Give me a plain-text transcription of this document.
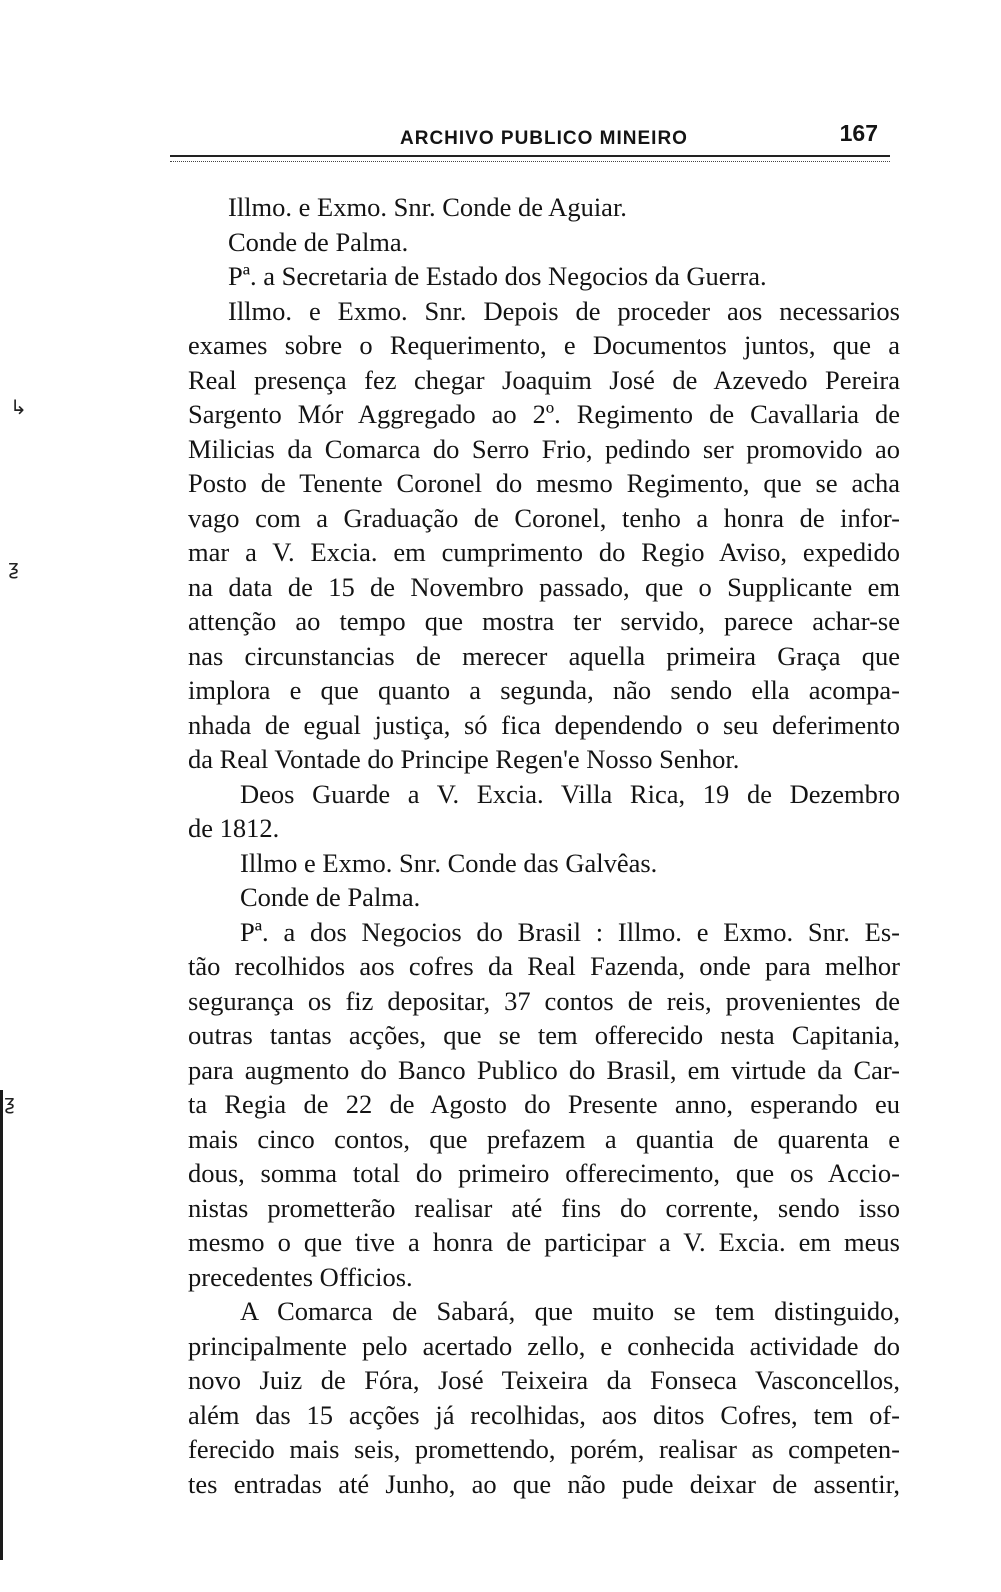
↳
ƺ
ƺ
ARCHIVO PUBLICO MINEIRO	167
Illmo. e Exmo. Snr. Conde de Aguiar.
Conde de Palma.
Pª. a Secretaria de Estado dos Negocios da Guerra.
Illmo. e Exmo. Snr. Depois de proceder aos necessarios
exames sobre o Requerimento, e Documentos juntos, que a
Real presença fez chegar Joaquim José de Azevedo Pereira
Sargento Mór Aggregado ao 2º. Regimento de Cavallaria de
Milicias da Comarca do Serro Frio, pedindo ser promovido ao
Posto de Tenente Coronel do mesmo Regimento, que se acha
vago com a Graduação de Coronel, tenho a honra de infor-
mar a V. Excia. em cumprimento do Regio Aviso, expedido
na data de 15 de Novembro passado, que o Supplicante em
attenção ao tempo que mostra ter servido, parece achar-se
nas circunstancias de merecer aquella primeira Graça que
implora e que quanto a segunda, não sendo ella acompa-
nhada de egual justiça, só fica dependendo o seu deferimento
da Real Vontade do Principe Regen'e Nosso Senhor.
Deos Guarde a V. Excia. Villa Rica, 19 de Dezembro
de 1812.
Illmo e Exmo. Snr. Conde das Galvêas.
Conde de Palma.
Pª. a dos Negocios do Brasil : Illmo. e Exmo. Snr. Es-
tão recolhidos aos cofres da Real Fazenda, onde para melhor
segurança os fiz depositar, 37 contos de reis, provenientes de
outras tantas acções, que se tem offerecido nesta Capitania,
para augmento do Banco Publico do Brasil, em virtude da Car-
ta Regia de 22 de Agosto do Presente anno, esperando eu
mais cinco contos, que prefazem a quantia de quarenta e
dous, somma total do primeiro offerecimento, que os Accio-
nistas prometterão realisar até fins do corrente, sendo isso
mesmo o que tive a honra de participar a V. Excia. em meus
precedentes Officios.
A Comarca de Sabará, que muito se tem distinguido,
principalmente pelo acertado zello, e conhecida actividade do
novo Juiz de Fóra, José Teixeira da Fonseca Vasconcellos,
além das 15 acções já recolhidas, aos ditos Cofres, tem of-
ferecido mais seis, promettendo, porém, realisar as competen-
tes entradas até Junho, ao que não pude deixar de assentir,
